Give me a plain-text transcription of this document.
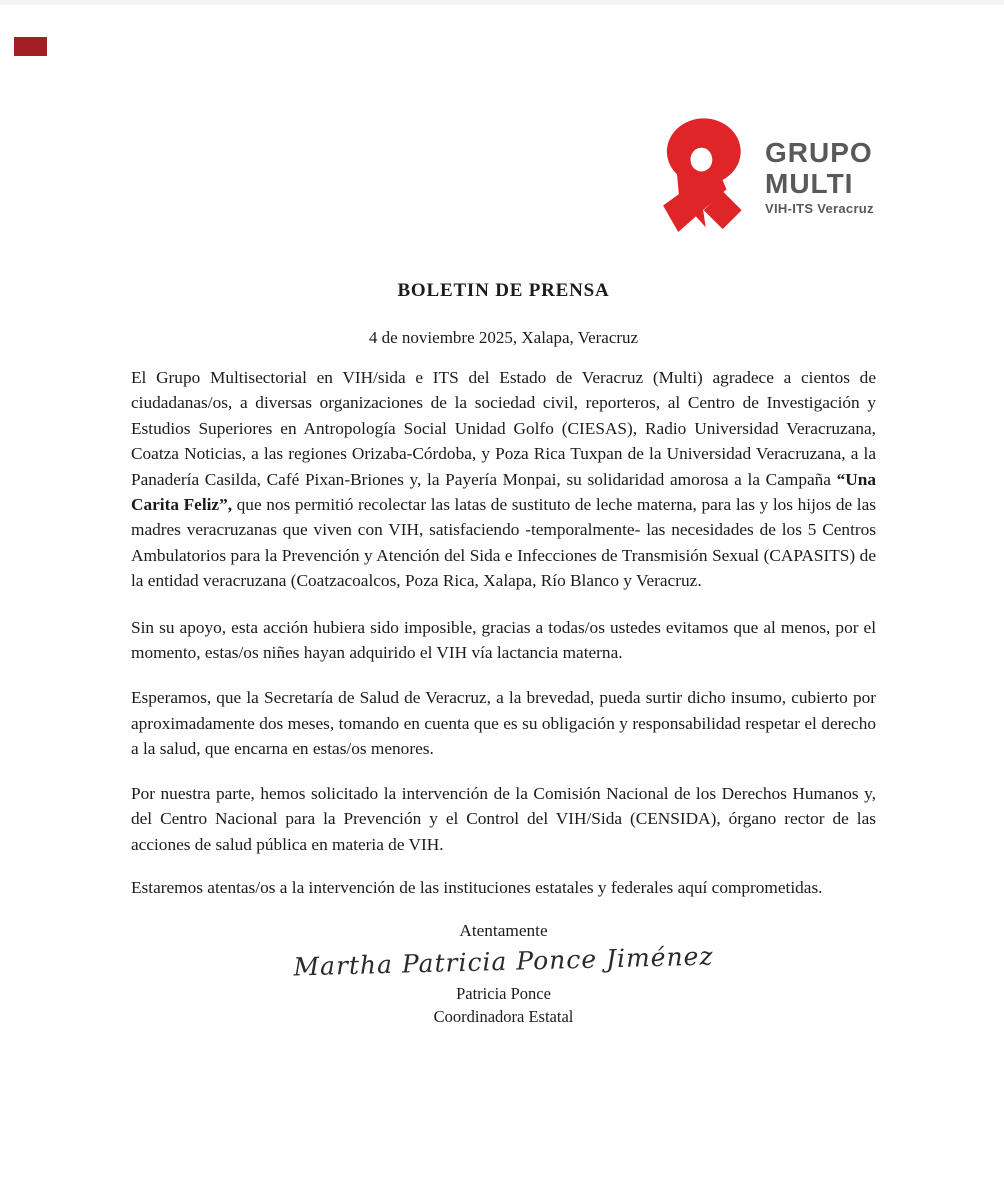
GRUPO
MULTI
VIH-ITS Veracruz
BOLETIN DE PRENSA

4 de noviembre 2025, Xalapa, Veracruz

El Grupo Multisectorial en VIH/sida e ITS del Estado de Veracruz (Multi) agradece a cientos de ciudadanas/os, a diversas organizaciones de la sociedad civil, reporteros, al Centro de Investigación y Estudios Superiores en Antropología Social Unidad Golfo (CIESAS), Radio Universidad Veracruzana, Coatza Noticias, a las regiones Orizaba-Córdoba, y Poza Rica Tuxpan de la Universidad Veracruzana, a la Panadería Casilda, Café Pixan-Briones y, la Payería Monpai, su solidaridad amorosa a la Campaña “Una Carita Feliz”, que nos permitió recolectar las latas de sustituto de leche materna, para las y los hijos de las madres veracruzanas que viven con VIH, satisfaciendo -temporalmente- las necesidades de los 5 Centros Ambulatorios para la Prevención y Atención del Sida e Infecciones de Transmisión Sexual (CAPASITS) de la entidad veracruzana (Coatzacoalcos, Poza Rica, Xalapa, Río Blanco y Veracruz.

Sin su apoyo, esta acción hubiera sido imposible, gracias a todas/os ustedes evitamos que al menos, por el momento, estas/os niñes hayan adquirido el VIH vía lactancia materna.

Esperamos, que la Secretaría de Salud de Veracruz, a la brevedad, pueda surtir dicho insumo, cubierto por aproximadamente dos meses, tomando en cuenta que es su obligación y responsabilidad respetar el derecho a la salud, que encarna en estas/os menores.

Por nuestra parte, hemos solicitado la intervención de la Comisión Nacional de los Derechos Humanos y, del Centro Nacional para la Prevención y el Control del VIH/Sida (CENSIDA), órgano rector de las acciones de salud pública en materia de VIH.

Estaremos atentas/os a la intervención de las instituciones estatales y federales aquí comprometidas.

Atentamente

Martha Patricia Ponce Jiménez

Patricia Ponce

Coordinadora Estatal
